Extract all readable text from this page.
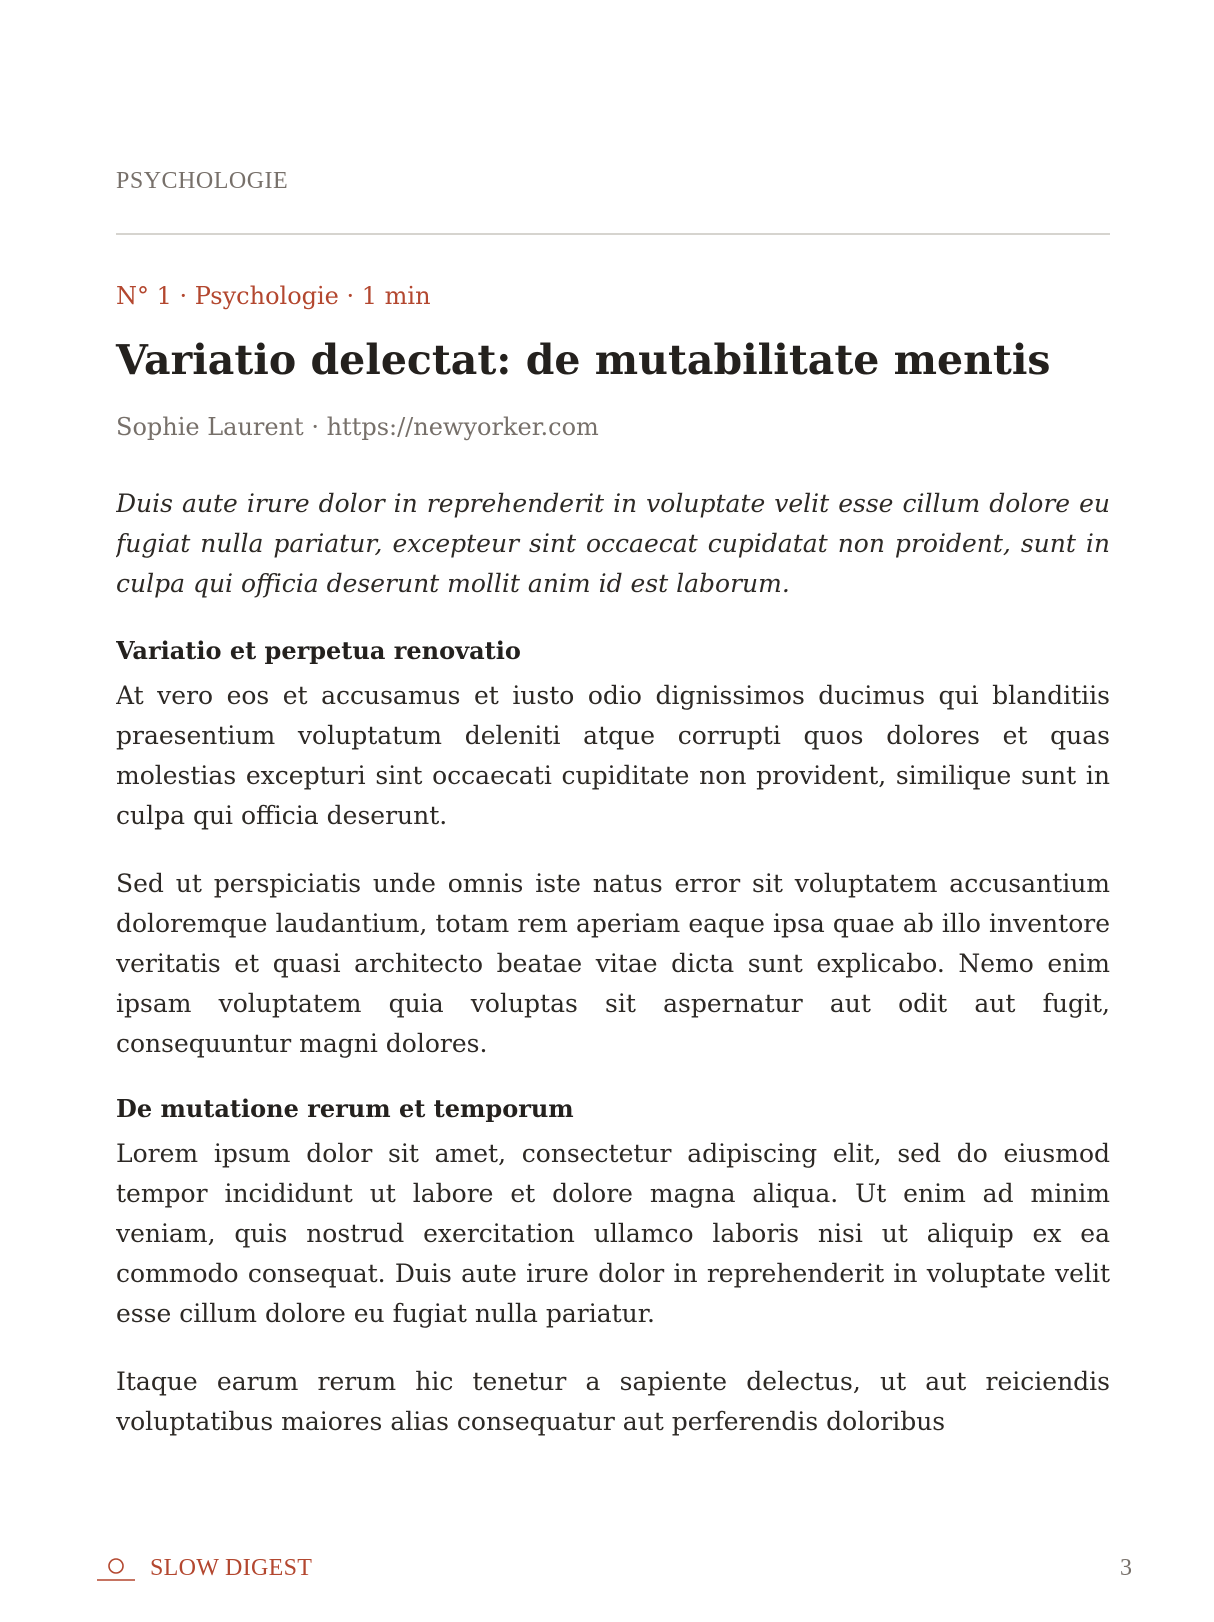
PSYCHOLOGIE
N° 1 · Psychologie · 1 min
Variatio delectat: de mutabilitate mentis
Sophie Laurent · https://newyorker.com

Duis aute irure dolor in reprehenderit in voluptate velit esse cillum dolore eu fugiat nulla pariatur, excepteur sint occaecat cupidatat non proident, sunt in culpa qui officia deserunt mollit anim id est laborum.

Variatio et perpetua renovatio

At vero eos et accusamus et iusto odio dignissimos ducimus qui blanditiis praesentium voluptatum deleniti atque corrupti quos dolores et quas molestias excepturi sint occaecati cupiditate non provident, similique sunt in culpa qui officia deserunt.

Sed ut perspiciatis unde omnis iste natus error sit voluptatem accusantium doloremque laudantium, totam rem aperiam eaque ipsa quae ab illo inventore veritatis et quasi architecto beatae vitae dicta sunt explicabo. Nemo enim ipsam voluptatem quia voluptas sit aspernatur aut odit aut fugit, consequuntur magni dolores.

De mutatione rerum et temporum

Lorem ipsum dolor sit amet, consectetur adipiscing elit, sed do eiusmod tempor incididunt ut labore et dolore magna aliqua. Ut enim ad minim veniam, quis nostrud exercitation ullamco laboris nisi ut aliquip ex ea commodo consequat. Duis aute irure dolor in reprehenderit in voluptate velit esse cillum dolore eu fugiat nulla pariatur.

Itaque earum rerum hic tenetur a sapiente delectus, ut aut reiciendis voluptatibus maiores alias consequatur aut perferendis doloribus

SLOW DIGEST	3
